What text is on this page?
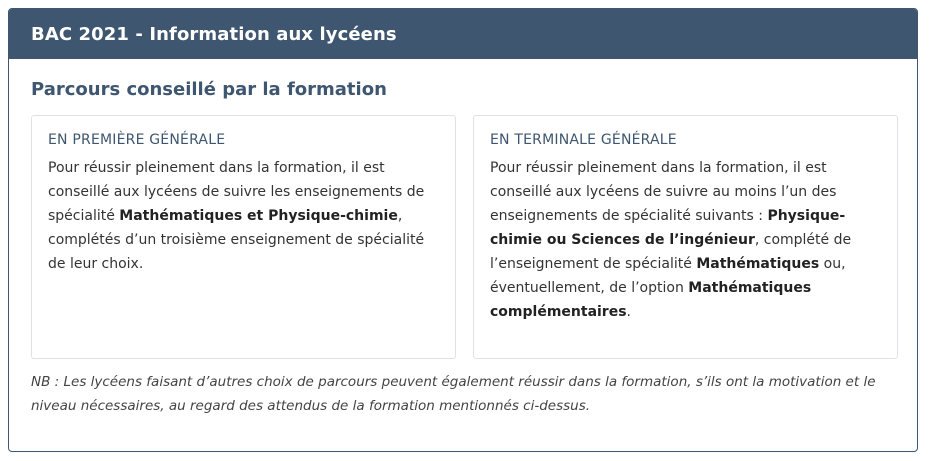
BAC 2021 - Information aux lycéens
Parcours conseillé par la formation
EN PREMIÈRE GÉNÉRALE
Pour réussir pleinement dans la formation, il est conseillé aux lycéens de suivre les enseignements de spécialité Mathématiques et Physique-chimie, complétés d’un troisième enseignement de spécialité de leur choix.
EN TERMINALE GÉNÉRALE
Pour réussir pleinement dans la formation, il est conseillé aux lycéens de suivre au moins l’un des enseignements de spécialité suivants : Physique-chimie ou Sciences de l’ingénieur, complété de l’enseignement de spécialité Mathématiques ou, éventuellement, de l’option Mathématiques complémentaires.
NB : Les lycéens faisant d’autres choix de parcours peuvent également réussir dans la formation, s’ils ont la motivation et le niveau nécessaires, au regard des attendus de la formation mentionnés ci-dessus.
